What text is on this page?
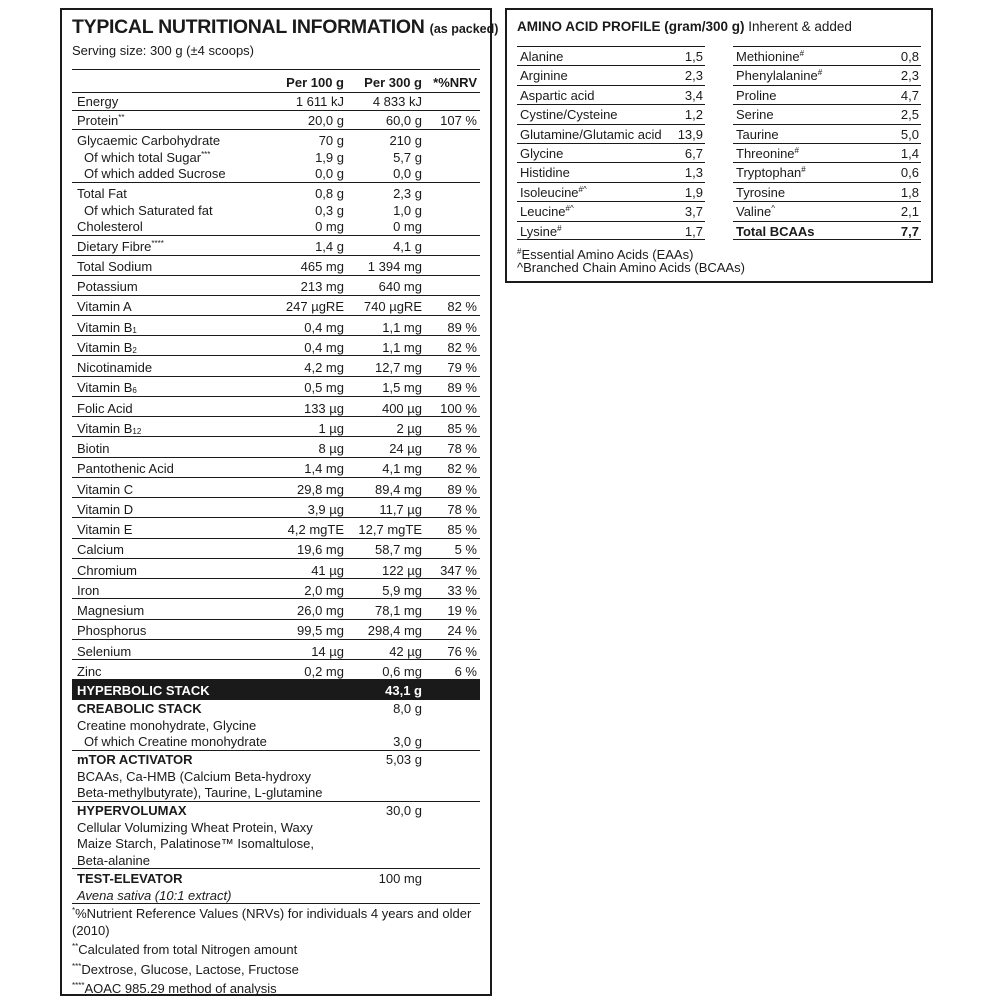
TYPICAL NUTRITIONAL INFORMATION (as packed)
Serving size: 300 g (±4 scoops)
Per 100 g Per 300 g *%NRV
Energy	1 611 kJ 4 833 kJ
Protein**	20,0 g	60,0 g 107 %
Glycaemic Carbohydrate	70 g	210 g
Of which total Sugar***	1,9 g	5,7 g
Of which added Sucrose	0,0 g	0,0 g
Total Fat	0,8 g	2,3 g
Of which Saturated fat	0,3 g	1,0 g
Cholesterol	0 mg	0 mg
Dietary Fibre****	1,4 g	4,1 g
Total Sodium	465 mg 1 394 mg
Potassium	213 mg	640 mg
Vitamin A	247 µgRE 740 µgRE 82 %
Vitamin B1	0,4 mg	1,1 mg 89 %
Vitamin B2	0,4 mg	1,1 mg 82 %
Nicotinamide	4,2 mg 12,7 mg 79 %
Vitamin B6	0,5 mg	1,5 mg 89 %
Folic Acid	133 µg	400 µg 100 %
Vitamin B12	1 µg	2 µg 85 %
Biotin	8 µg	24 µg 78 %
Pantothenic Acid	1,4 mg	4,1 mg 82 %
Vitamin C	29,8 mg 89,4 mg 89 %
Vitamin D	3,9 µg	11,7 µg 78 %
Vitamin E	4,2 mgTE 12,7 mgTE 85 %
Calcium	19,6 mg 58,7 mg	5 %
Chromium	41 µg	122 µg 347 %
Iron	2,0 mg	5,9 mg 33 %
Magnesium	26,0 mg 78,1 mg 19 %
Phosphorus	99,5 mg 298,4 mg 24 %
Selenium	14 µg	42 µg 76 %
Zinc	0,2 mg	0,6 mg	6 %
HYPERBOLIC STACK	43,1 g
CREABOLIC STACK	8,0 g
Creatine monohydrate, Glycine
Of which Creatine monohydrate	3,0 g
mTOR ACTIVATOR	5,03 g
BCAAs, Ca-HMB (Calcium Beta-hydroxy
Beta-methylbutyrate), Taurine, L-glutamine
HYPERVOLUMAX	30,0 g
Cellular Volumizing Wheat Protein, Waxy
Maize Starch, Palatinose™ Isomaltulose,
Beta-alanine
TEST-ELEVATOR	100 mg
Avena sativa (10:1 extract)
*%Nutrient Reference Values (NRVs) for individuals 4 years and older (2010)
**Calculated from total Nitrogen amount
***Dextrose, Glucose, Lactose, Fructose
****AOAC 985.29 method of analysis
AMINO ACID PROFILE (gram/300 g) Inherent & added
Alanine	1,5
Arginine	2,3
Aspartic acid	3,4
Cystine/Cysteine	1,2
Glutamine/Glutamic acid 13,9
Glycine	6,7
Histidine	1,3
Isoleucine#^	1,9
Leucine#^	3,7
Lysine#	1,7
Methionine#	0,8
Phenylalanine#	2,3
Proline	4,7
Serine	2,5
Taurine	5,0
Threonine#	1,4
Tryptophan#	0,6
Tyrosine	1,8
Valine^	2,1
Total BCAAs	7,7
#Essential Amino Acids (EAAs)
^Branched Chain Amino Acids (BCAAs)
